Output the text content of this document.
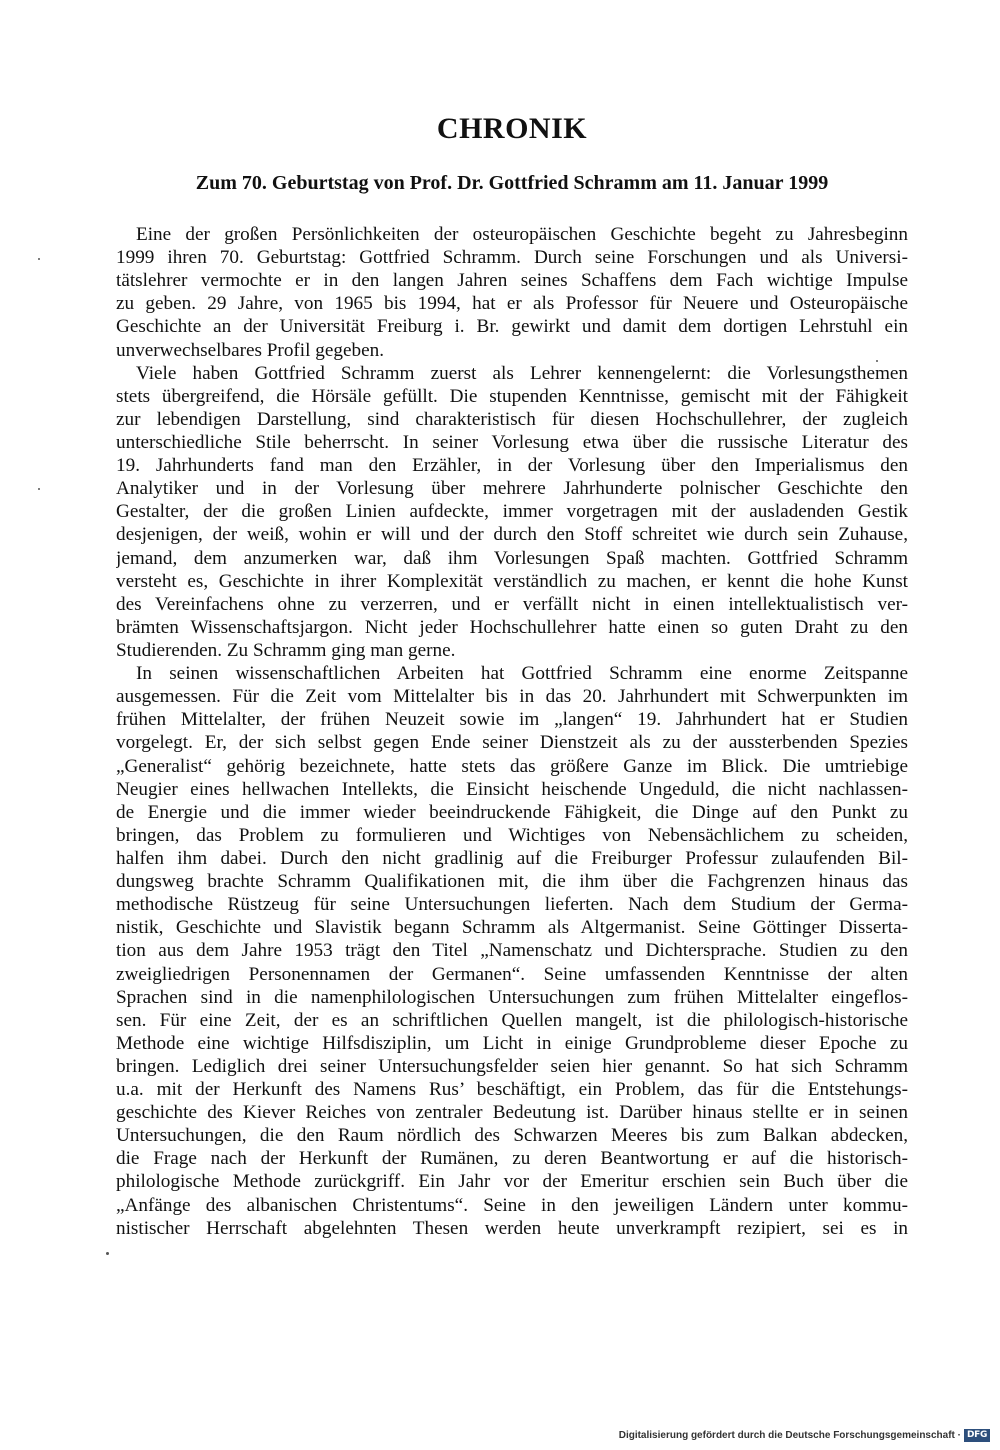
CHRONIK
Zum 70. Geburtstag von Prof. Dr. Gottfried Schramm am 11. Januar 1999
Eine der großen Persönlichkeiten der osteuropäischen Geschichte begeht zu Jahresbeginn
1999 ihren 70. Geburtstag: Gottfried Schramm. Durch seine Forschungen und als Universi-
tätslehrer vermochte er in den langen Jahren seines Schaffens dem Fach wichtige Impulse
zu geben. 29 Jahre, von 1965 bis 1994, hat er als Professor für Neuere und Osteuropäische
Geschichte an der Universität Freiburg i. Br. gewirkt und damit dem dortigen Lehrstuhl ein
unverwechselbares Profil gegeben.
Viele haben Gottfried Schramm zuerst als Lehrer kennengelernt: die Vorlesungsthemen
stets übergreifend, die Hörsäle gefüllt. Die stupenden Kenntnisse, gemischt mit der Fähigkeit
zur lebendigen Darstellung, sind charakteristisch für diesen Hochschullehrer, der zugleich
unterschiedliche Stile beherrscht. In seiner Vorlesung etwa über die russische Literatur des
19. Jahrhunderts fand man den Erzähler, in der Vorlesung über den Imperialismus den
Analytiker und in der Vorlesung über mehrere Jahrhunderte polnischer Geschichte den
Gestalter, der die großen Linien aufdeckte, immer vorgetragen mit der ausladenden Gestik
desjenigen, der weiß, wohin er will und der durch den Stoff schreitet wie durch sein Zuhause,
jemand, dem anzumerken war, daß ihm Vorlesungen Spaß machten. Gottfried Schramm
versteht es, Geschichte in ihrer Komplexität verständlich zu machen, er kennt die hohe Kunst
des Vereinfachens ohne zu verzerren, und er verfällt nicht in einen intellektualistisch ver-
brämten Wissenschaftsjargon. Nicht jeder Hochschullehrer hatte einen so guten Draht zu den
Studierenden. Zu Schramm ging man gerne.
In seinen wissenschaftlichen Arbeiten hat Gottfried Schramm eine enorme Zeitspanne
ausgemessen. Für die Zeit vom Mittelalter bis in das 20. Jahrhundert mit Schwerpunkten im
frühen Mittelalter, der frühen Neuzeit sowie im „langen“ 19. Jahrhundert hat er Studien
vorgelegt. Er, der sich selbst gegen Ende seiner Dienstzeit als zu der aussterbenden Spezies
„Generalist“ gehörig bezeichnete, hatte stets das größere Ganze im Blick. Die umtriebige
Neugier eines hellwachen Intellekts, die Einsicht heischende Ungeduld, die nicht nachlassen-
de Energie und die immer wieder beeindruckende Fähigkeit, die Dinge auf den Punkt zu
bringen, das Problem zu formulieren und Wichtiges von Nebensächlichem zu scheiden,
halfen ihm dabei. Durch den nicht gradlinig auf die Freiburger Professur zulaufenden Bil-
dungsweg brachte Schramm Qualifikationen mit, die ihm über die Fachgrenzen hinaus das
methodische Rüstzeug für seine Untersuchungen lieferten. Nach dem Studium der Germa-
nistik, Geschichte und Slavistik begann Schramm als Altgermanist. Seine Göttinger Disserta-
tion aus dem Jahre 1953 trägt den Titel „Namenschatz und Dichtersprache. Studien zu den
zweigliedrigen Personennamen der Germanen“. Seine umfassenden Kenntnisse der alten
Sprachen sind in die namenphilologischen Untersuchungen zum frühen Mittelalter eingeflos-
sen. Für eine Zeit, der es an schriftlichen Quellen mangelt, ist die philologisch-historische
Methode eine wichtige Hilfsdisziplin, um Licht in einige Grundprobleme dieser Epoche zu
bringen. Lediglich drei seiner Untersuchungsfelder seien hier genannt. So hat sich Schramm
u.a. mit der Herkunft des Namens Rus’ beschäftigt, ein Problem, das für die Entstehungs-
geschichte des Kiever Reiches von zentraler Bedeutung ist. Darüber hinaus stellte er in seinen
Untersuchungen, die den Raum nördlich des Schwarzen Meeres bis zum Balkan abdecken,
die Frage nach der Herkunft der Rumänen, zu deren Beantwortung er auf die historisch-
philologische Methode zurückgriff. Ein Jahr vor der Emeritur erschien sein Buch über die
„Anfänge des albanischen Christentums“. Seine in den jeweiligen Ländern unter kommu-
nistischer Herrschaft abgelehnten Thesen werden heute unverkrampft rezipiert, sei es in
Digitalisierung gefördert durch die Deutsche Forschungsgemeinschaft · DFG
